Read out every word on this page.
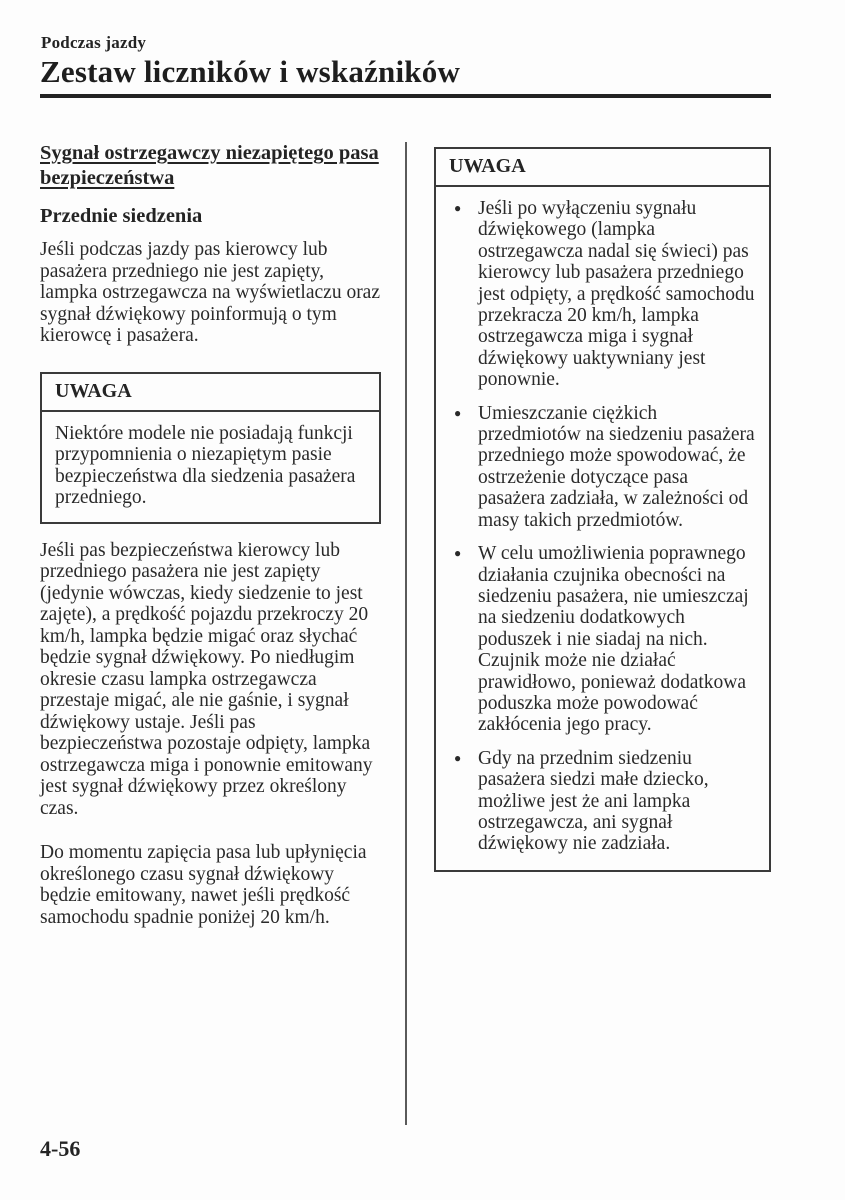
Podczas jazdy
Zestaw liczników i wskaźników
Sygnał ostrzegawczy niezapiętego pasa bezpieczeństwa
Przednie siedzenia

Jeśli podczas jazdy pas kierowcy lub pasażera przedniego nie jest zapięty, lampka ostrzegawcza na wyświetlaczu oraz sygnał dźwiękowy poinformują o tym kierowcę i pasażera.

UWAGA
Niektóre modele nie posiadają funkcji przypomnienia o niezapiętym pasie bezpieczeństwa dla siedzenia pasażera przedniego.

Jeśli pas bezpieczeństwa kierowcy lub przedniego pasażera nie jest zapięty (jedynie wówczas, kiedy siedzenie to jest zajęte), a prędkość pojazdu przekroczy 20 km/h, lampka będzie migać oraz słychać będzie sygnał dźwiękowy. Po niedługim okresie czasu lampka ostrzegawcza przestaje migać, ale nie gaśnie, i sygnał dźwiękowy ustaje. Jeśli pas bezpieczeństwa pozostaje odpięty, lampka ostrzegawcza miga i ponownie emitowany jest sygnał dźwiękowy przez określony czas.

Do momentu zapięcia pasa lub upłynięcia określonego czasu sygnał dźwiękowy będzie emitowany, nawet jeśli prędkość samochodu spadnie poniżej 20 km/h.

UWAGA
● Jeśli po wyłączeniu sygnału dźwiękowego (lampka ostrzegawcza nadal się świeci) pas kierowcy lub pasażera przedniego jest odpięty, a prędkość samochodu przekracza 20 km/h, lampka ostrzegawcza miga i sygnał dźwiękowy uaktywniany jest ponownie.
● Umieszczanie ciężkich przedmiotów na siedzeniu pasażera przedniego może spowodować, że ostrzeżenie dotyczące pasa pasażera zadziała, w zależności od masy takich przedmiotów.
● W celu umożliwienia poprawnego działania czujnika obecności na siedzeniu pasażera, nie umieszczaj na siedzeniu dodatkowych poduszek i nie siadaj na nich. Czujnik może nie działać prawidłowo, ponieważ dodatkowa poduszka może powodować zakłócenia jego pracy.
● Gdy na przednim siedzeniu pasażera siedzi małe dziecko, możliwe jest że ani lampka ostrzegawcza, ani sygnał dźwiękowy nie zadziała.
4-56
